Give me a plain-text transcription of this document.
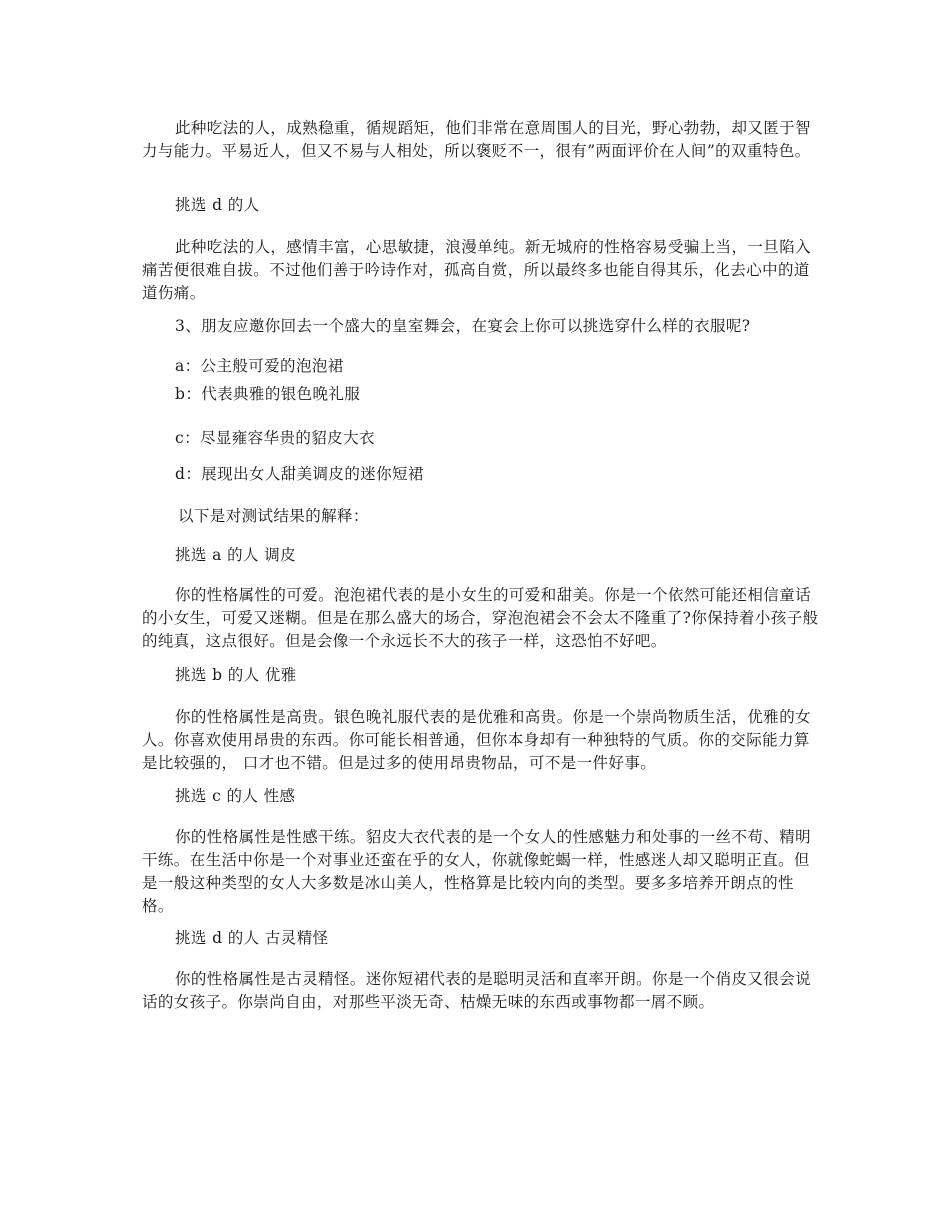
此种吃法的人，成熟稳重，循规蹈矩，他们非常在意周围人的目光，野心勃勃，却又匿于智力与能力。平易近人，但又不易与人相处，所以褒贬不一，很有”两面评价在人间”的双重特色。

挑选 d 的人

此种吃法的人，感情丰富，心思敏捷，浪漫单纯。新无城府的性格容易受骗上当，一旦陷入痛苦便很难自拔。不过他们善于吟诗作对，孤高自赏，所以最终多也能自得其乐，化去心中的道道伤痛。

3、朋友应邀你回去一个盛大的皇室舞会，在宴会上你可以挑选穿什么样的衣服呢?

a：公主般可爱的泡泡裙

b：代表典雅的银色晚礼服

c：尽显雍容华贵的貂皮大衣

d：展现出女人甜美调皮的迷你短裙

以下是对测试结果的解释：

挑选 a 的人 调皮

你的性格属性的可爱。泡泡裙代表的是小女生的可爱和甜美。你是一个依然可能还相信童话的小女生，可爱又迷糊。但是在那么盛大的场合，穿泡泡裙会不会太不隆重了?你保持着小孩子般的纯真，这点很好。但是会像一个永远长不大的孩子一样，这恐怕不好吧。

挑选 b 的人 优雅

你的性格属性是高贵。银色晚礼服代表的是优雅和高贵。你是一个崇尚物质生活，优雅的女人。你喜欢使用昂贵的东西。你可能长相普通，但你本身却有一种独特的气质。你的交际能力算是比较强的， 口才也不错。但是过多的使用昂贵物品，可不是一件好事。

挑选 c 的人 性感

你的性格属性是性感干练。貂皮大衣代表的是一个女人的性感魅力和处事的一丝不苟、精明干练。在生活中你是一个对事业还蛮在乎的女人，你就像蛇蝎一样，性感迷人却又聪明正直。但是一般这种类型的女人大多数是冰山美人，性格算是比较内向的类型。要多多培养开朗点的性格。

挑选 d 的人 古灵精怪

你的性格属性是古灵精怪。迷你短裙代表的是聪明灵活和直率开朗。你是一个俏皮又很会说话的女孩子。你崇尚自由，对那些平淡无奇、枯燥无味的东西或事物都一屑不顾。
